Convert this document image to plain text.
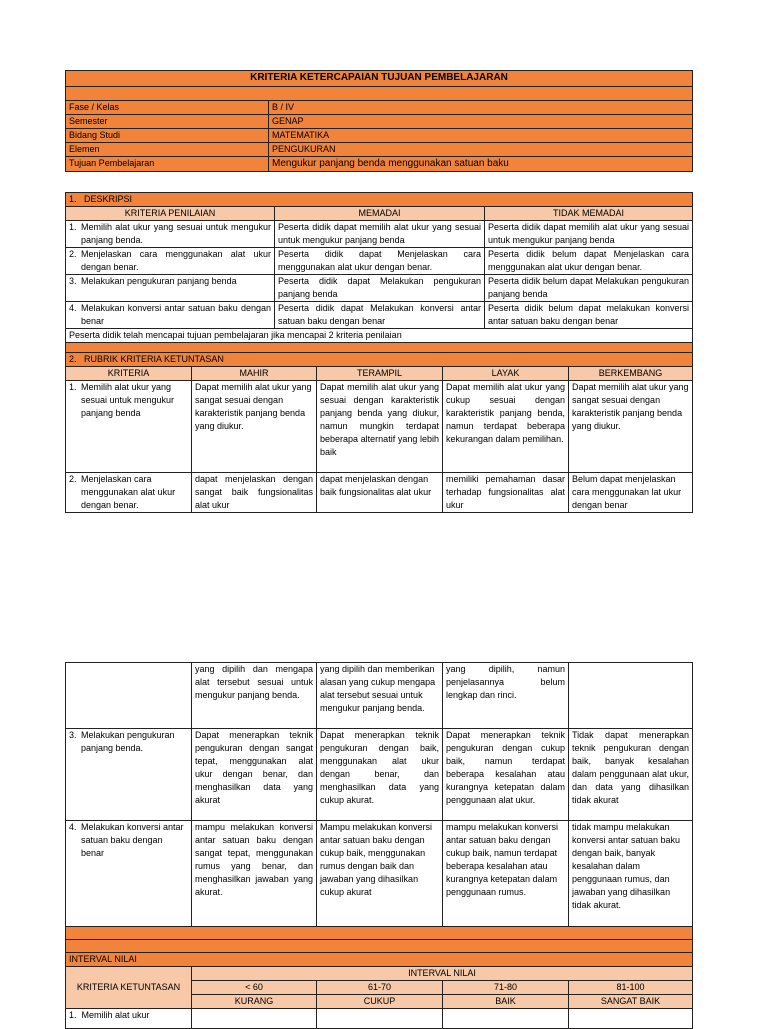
KRITERIA KETERCAPAIAN TUJUAN PEMBELAJARAN	

Fase / Kelas	B / IV
Semester	GENAP
Bidang Studi	MATEMATIKA
Elemen	PENGUKURAN
Tujuan Pembelajaran	Mengukur panjang benda menggunakan satuan baku
1.   DESKRIPSI		
KRITERIA PENILAIAN	MEMADAI	TIDAK MEMADAI

1. Memilih alat ukur yang sesuai untuk mengukur panjang benda.	Peserta didik dapat memilih alat ukur yang sesuai untuk mengukur panjang benda	Peserta didik dapat memilih alat ukur yang sesuai untuk mengukur panjang benda

2. Menjelaskan cara menggunakan alat ukur dengan benar.	Peserta didik dapat Menjelaskan cara menggunakan alat ukur dengan benar.	Peserta didik belum dapat Menjelaskan cara menggunakan alat ukur dengan benar.

3. Melakukan pengukuran panjang benda	Peserta didik dapat Melakukan pengukuran panjang benda	Peserta didik belum dapat Melakukan pengukuran panjang benda

4. Melakukan konversi antar satuan baku dengan benar	Peserta didik dapat Melakukan konversi antar satuan baku dengan benar	Peserta didik belum dapat melakukan konversi antar satuan baku dengan benar
Peserta didik telah mencapai tujuan pembelajaran jika mencapai 2 kriteria penilaian		

2.   RUBRIK KRITERIA KETUNTASAN				
KRITERIA	MAHIR	TERAMPIL	LAYAK	BERKEMBANG

1. Memilih alat ukur yang sesuai untuk mengukur panjang benda	Dapat memilih alat ukur yang sangat sesuai dengan karakteristik panjang benda yang diukur.	Dapat memilih alat ukur yang sesuai dengan karakteristik panjang benda yang diukur, namun mungkin terdapat beberapa alternatif yang lebih baik	Dapat memilih alat ukur yang cukup sesuai dengan karakteristik panjang benda, namun terdapat beberapa kekurangan dalam pemilihan.	Dapat memilih alat ukur yang sangat sesuai dengan karakteristik panjang benda yang diukur.

2. Menjelaskan cara menggunakan alat ukur dengan benar.	dapat menjelaskan dengan sangat baik fungsionalitas alat ukur	dapat menjelaskan dengan baik fungsionalitas alat ukur	memiliki pemahaman dasar terhadap fungsionalitas alat ukur	Belum dapat menjelaskan cara menggunakan lat ukur dengan benar
	yang dipilih dan mengapa alat tersebut sesuai untuk mengukur panjang benda.	yang dipilih dan memberikan alasan yang cukup mengapa alat tersebut sesuai untuk mengukur panjang benda.	yang dipilih, namun penjelasannya belum lengkap dan rinci.	

3. Melakukan pengukuran panjang benda.	Dapat menerapkan teknik pengukuran dengan sangat tepat, menggunakan alat ukur dengan benar, dan menghasilkan data yang akurat	Dapat menerapkan teknik pengukuran dengan baik, menggunakan alat ukur dengan benar, dan menghasilkan data yang cukup akurat.	Dapat menerapkan teknik pengukuran dengan cukup baik, namun terdapat beberapa kesalahan atau kurangnya ketepatan dalam penggunaan alat ukur.	Tidak dapat menerapkan teknik pengukuran dengan baik, banyak kesalahan dalam penggunaan alat ukur, dan data yang dihasilkan tidak akurat

4. Melakukan konversi antar satuan baku dengan benar	mampu melakukan konversi antar satuan baku dengan sangat tepat, menggunakan rumus yang benar, dan menghasilkan jawaban yang akurat.	Mampu melakukan konversi antar satuan baku dengan cukup baik, menggunakan rumus dengan baik dan jawaban yang dihasilkan cukup akurat	mampu melakukan konversi antar satuan baku dengan cukup baik, namun terdapat beberapa kesalahan atau kurangnya ketepatan dalam penggunaan rumus.	tidak mampu melakukan konversi antar satuan baku dengan baik, banyak kesalahan dalam penggunaan rumus, dan jawaban yang dihasilkan tidak akurat.

INTERVAL NILAI				
KRITERIA KETUNTASAN	INTERVAL NILAI			
	< 60	61-70	71-80	81-100
	KURANG	CUKUP	BAIK	SANGAT BAIK
1.  Memilih alat ukur				
